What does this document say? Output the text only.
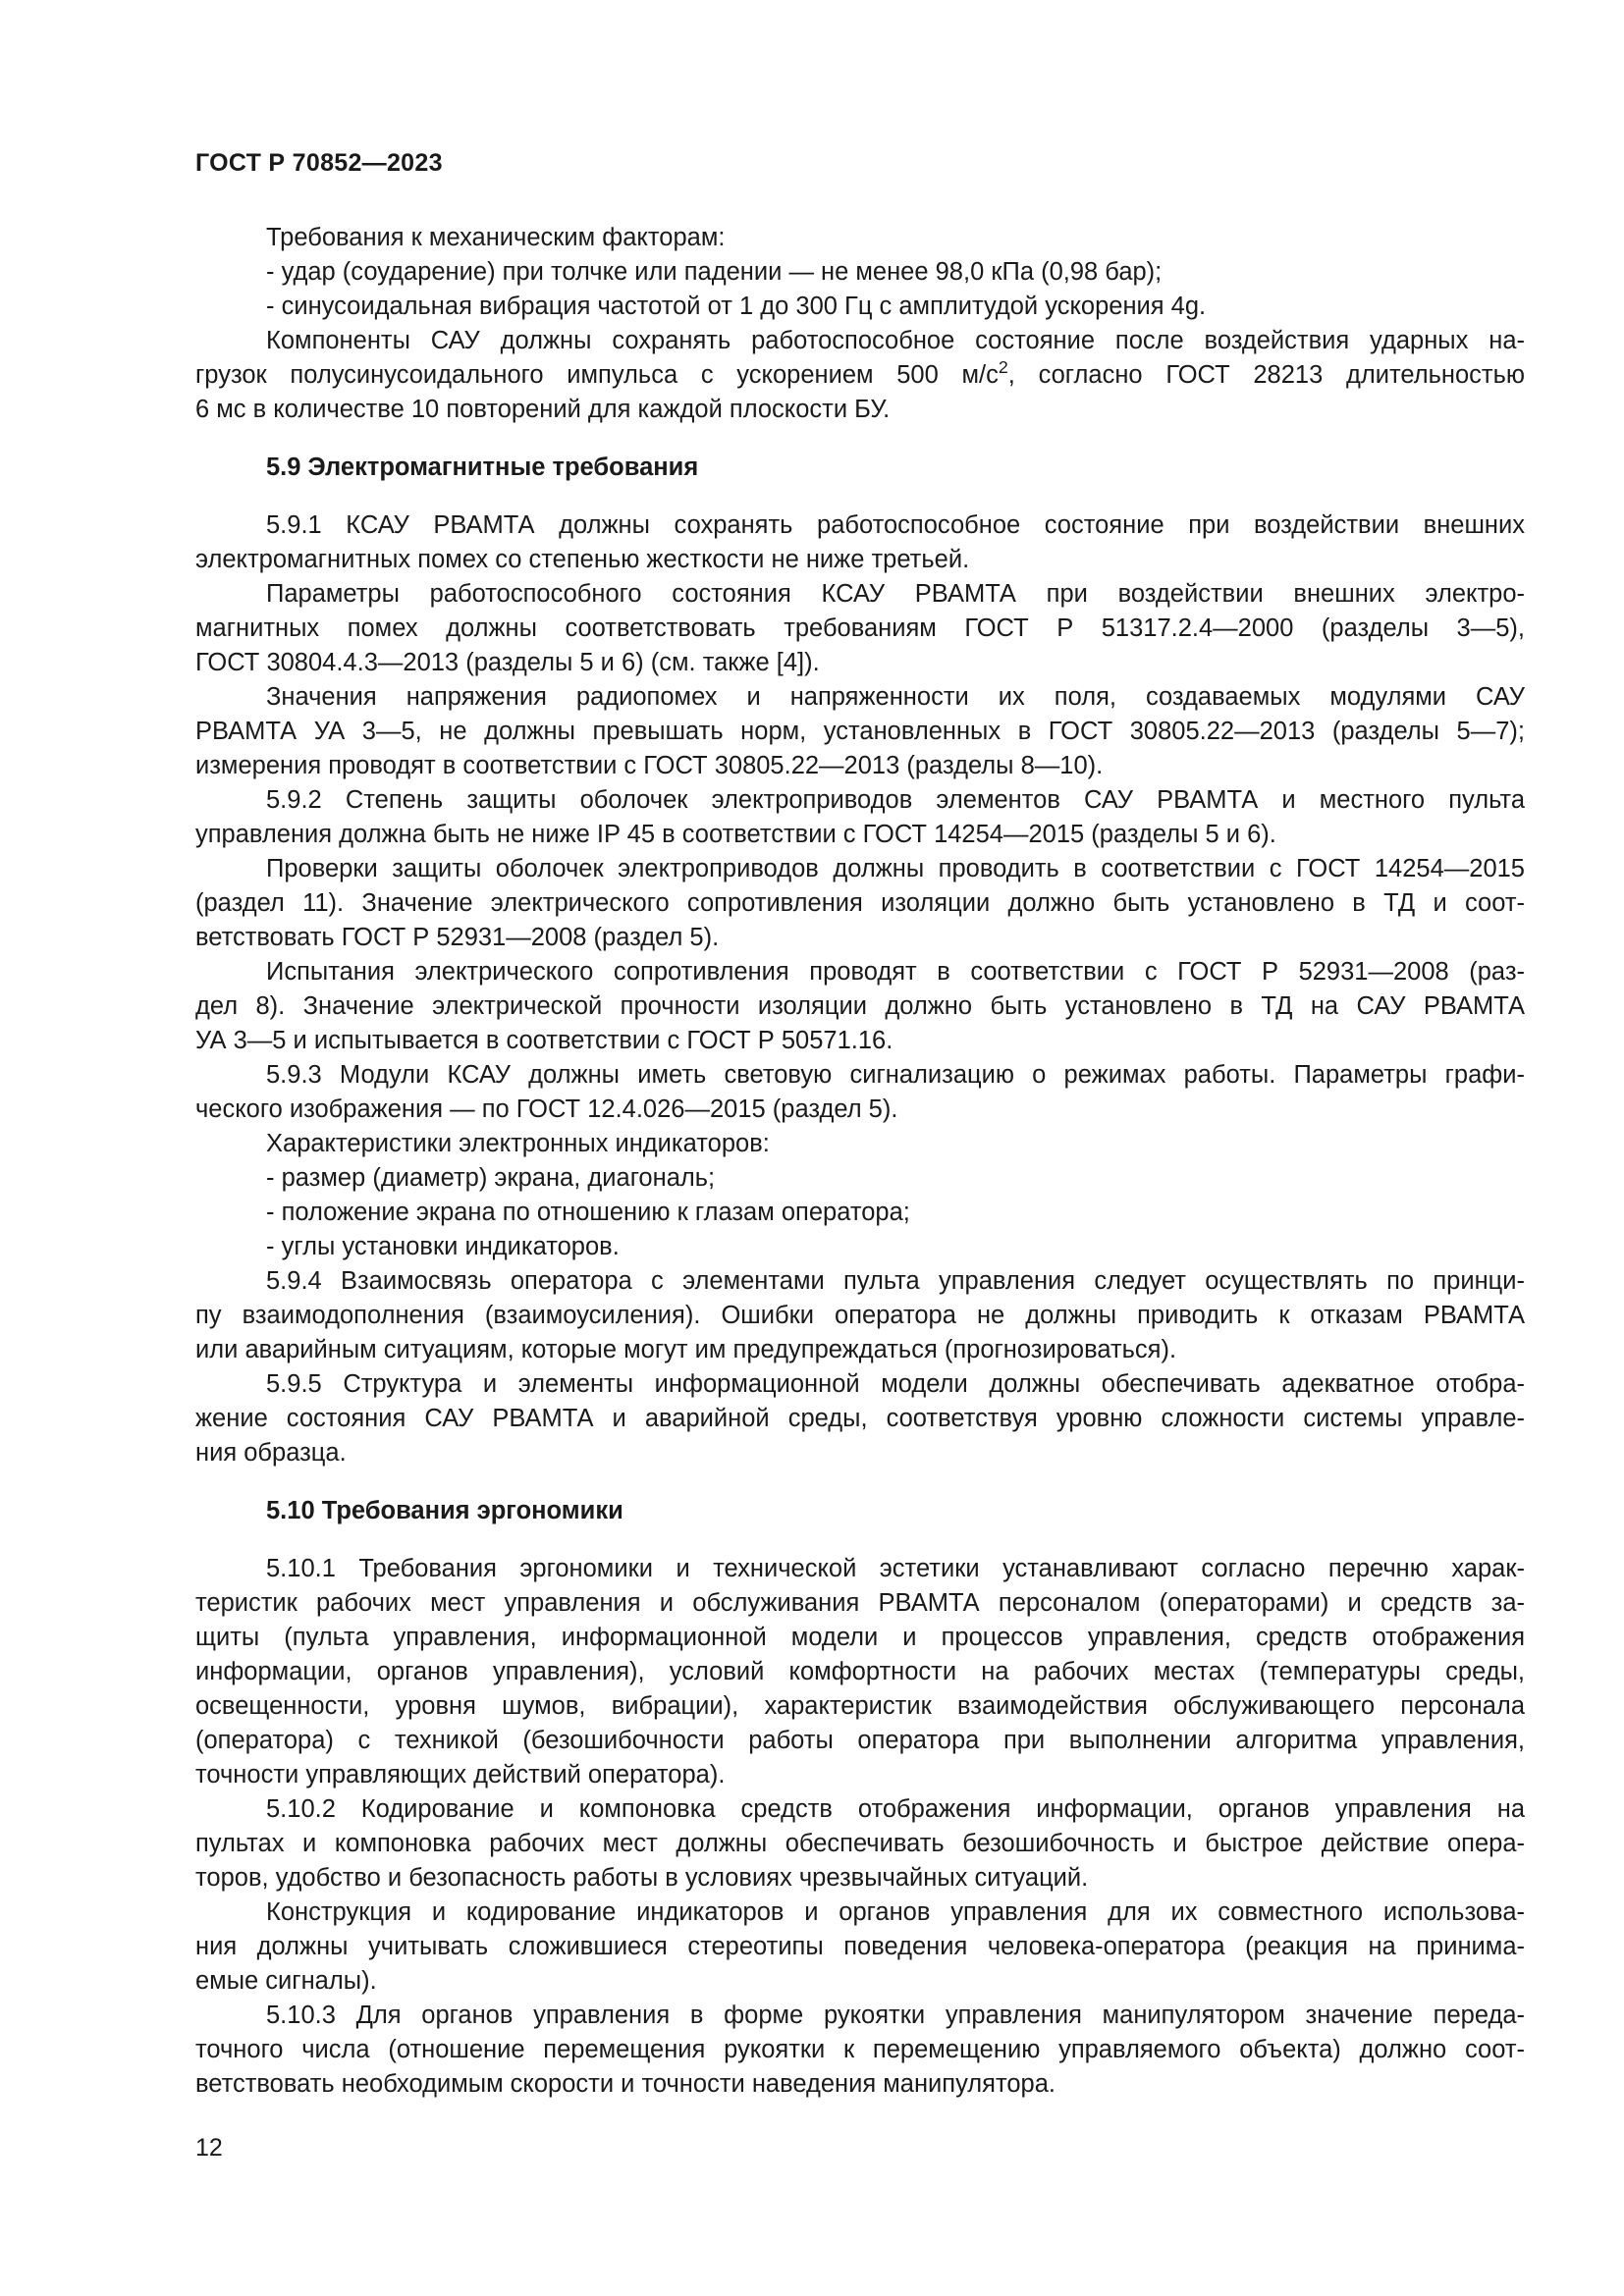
ГОСТ Р 70852—2023
Требования к механическим факторам:
- удар (соударение) при толчке или падении — не менее 98,0 кПа (0,98 бар);
- синусоидальная вибрация частотой от 1 до 300 Гц с амплитудой ускорения 4g.
Компоненты САУ должны сохранять работоспособное состояние после воздействия ударных на-
грузок полусинусоидального импульса с ускорением 500 $м/с^2$, согласно ГОСТ 28213 длительностью
6 мс в количестве 10 повторений для каждой плоскости БУ.
5.9 Электромагнитные требования
5.9.1 КСАУ РВАМТА должны сохранять работоспособное состояние при воздействии внешних
электромагнитных помех со степенью жесткости не ниже третьей.
Параметры работоспособного состояния КСАУ РВАМТА при воздействии внешних электро-
магнитных помех должны соответствовать требованиям ГОСТ Р 51317.2.4—2000 (разделы 3—5),
ГОСТ 30804.4.3—2013 (разделы 5 и 6) (см. также [4]).
Значения напряжения радиопомех и напряженности их поля, создаваемых модулями САУ
РВАМТА УА 3—5, не должны превышать норм, установленных в ГОСТ 30805.22—2013 (разделы 5—7);
измерения проводят в соответствии с ГОСТ 30805.22—2013 (разделы 8—10).
5.9.2 Степень защиты оболочек электроприводов элементов САУ РВАМТА и местного пульта
управления должна быть не ниже IP 45 в соответствии с ГОСТ 14254—2015 (разделы 5 и 6).
Проверки защиты оболочек электроприводов должны проводить в соответствии с ГОСТ 14254—2015
(раздел 11). Значение электрического сопротивления изоляции должно быть установлено в ТД и соот-
ветствовать ГОСТ Р 52931—2008 (раздел 5).
Испытания электрического сопротивления проводят в соответствии с ГОСТ Р 52931—2008 (раз-
дел 8). Значение электрической прочности изоляции должно быть установлено в ТД на САУ РВАМТА
УА 3—5 и испытывается в соответствии с ГОСТ Р 50571.16.
5.9.3 Модули КСАУ должны иметь световую сигнализацию о режимах работы. Параметры графи-
ческого изображения — по ГОСТ 12.4.026—2015 (раздел 5).
Характеристики электронных индикаторов:
- размер (диаметр) экрана, диагональ;
- положение экрана по отношению к глазам оператора;
- углы установки индикаторов.
5.9.4 Взаимосвязь оператора с элементами пульта управления следует осуществлять по принци-
пу взаимодополнения (взаимоусиления). Ошибки оператора не должны приводить к отказам РВАМТА
или аварийным ситуациям, которые могут им предупреждаться (прогнозироваться).
5.9.5 Структура и элементы информационной модели должны обеспечивать адекватное отобра-
жение состояния САУ РВАМТА и аварийной среды, соответствуя уровню сложности системы управле-
ния образца.
5.10 Требования эргономики
5.10.1 Требования эргономики и технической эстетики устанавливают согласно перечню харак-
теристик рабочих мест управления и обслуживания РВАМТА персоналом (операторами) и средств за-
щиты (пульта управления, информационной модели и процессов управления, средств отображения
информации, органов управления), условий комфортности на рабочих местах (температуры среды,
освещенности, уровня шумов, вибрации), характеристик взаимодействия обслуживающего персонала
(оператора) с техникой (безошибочности работы оператора при выполнении алгоритма управления,
точности управляющих действий оператора).
5.10.2 Кодирование и компоновка средств отображения информации, органов управления на
пультах и компоновка рабочих мест должны обеспечивать безошибочность и быстрое действие опера-
торов, удобство и безопасность работы в условиях чрезвычайных ситуаций.
Конструкция и кодирование индикаторов и органов управления для их совместного использова-
ния должны учитывать сложившиеся стереотипы поведения человека-оператора (реакция на принима-
емые сигналы).
5.10.3 Для органов управления в форме рукоятки управления манипулятором значение переда-
точного числа (отношение перемещения рукоятки к перемещению управляемого объекта) должно соот-
ветствовать необходимым скорости и точности наведения манипулятора.
12
